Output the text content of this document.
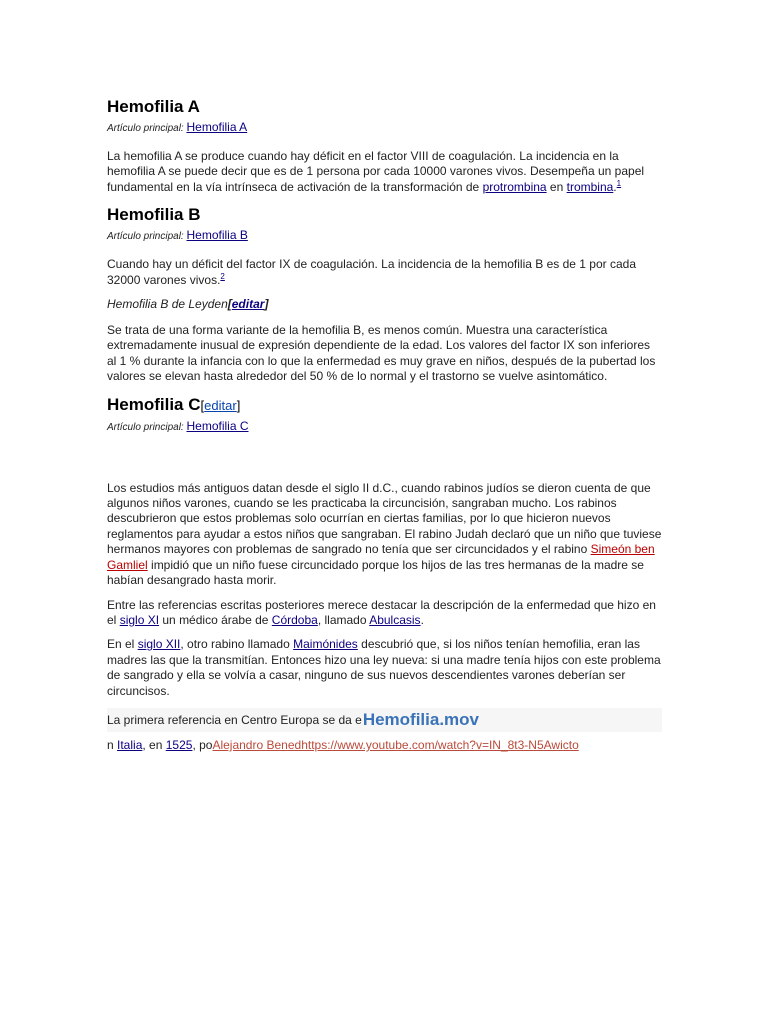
Hemofilia A
Artículo principal: Hemofilia A

La hemofilia A se produce cuando hay déficit en el factor VIII de coagulación. La incidencia en la hemofilia A se puede decir que es de 1 persona por cada 10000 varones vivos. Desempeña un papel fundamental en la vía intrínseca de activación de la transformación de protrombina en trombina.$^1$

Hemofilia B
Artículo principal: Hemofilia B

Cuando hay un déficit del factor IX de coagulación. La incidencia de la hemofilia B es de 1 por cada 32000 varones vivos.$^2$

Hemofilia B de Leyden[editar]

Se trata de una forma variante de la hemofilia B, es menos común. Muestra una característica extremadamente inusual de expresión dependiente de la edad. Los valores del factor IX son inferiores al 1 % durante la infancia con lo que la enfermedad es muy grave en niños, después de la pubertad los valores se elevan hasta alrededor del 50 % de lo normal y el trastorno se vuelve asintomático.

Hemofilia C[editar]
Artículo principal: Hemofilia C

Los estudios más antiguos datan desde el siglo II d.C., cuando rabinos judíos se dieron cuenta de que algunos niños varones, cuando se les practicaba la circuncisión, sangraban mucho. Los rabinos descubrieron que estos problemas solo ocurrían en ciertas familias, por lo que hicieron nuevos reglamentos para ayudar a estos niños que sangraban. El rabino Judah declaró que un niño que tuviese hermanos mayores con problemas de sangrado no tenía que ser circuncidados y el rabino Simeón ben Gamliel impidió que un niño fuese circuncidado porque los hijos de las tres hermanas de la madre se habían desangrado hasta morir.

Entre las referencias escritas posteriores merece destacar la descripción de la enfermedad que hizo en el siglo XI un médico árabe de Córdoba, llamado Abulcasis.

En el siglo XII, otro rabino llamado Maimónides descubrió que, si los niños tenían hemofilia, eran las madres las que la transmitían. Entonces hizo una ley nueva: si una madre tenía hijos con este problema de sangrado y ella se volvía a casar, ninguno de sus nuevos descendientes varones deberían ser circuncisos.

La primera referencia en Centro Europa se da e Hemofilia.mov

n Italia, en 1525, poAlejandro Benedhttps://www.youtube.com/watch?v=IN_8t3-N5Awicto
